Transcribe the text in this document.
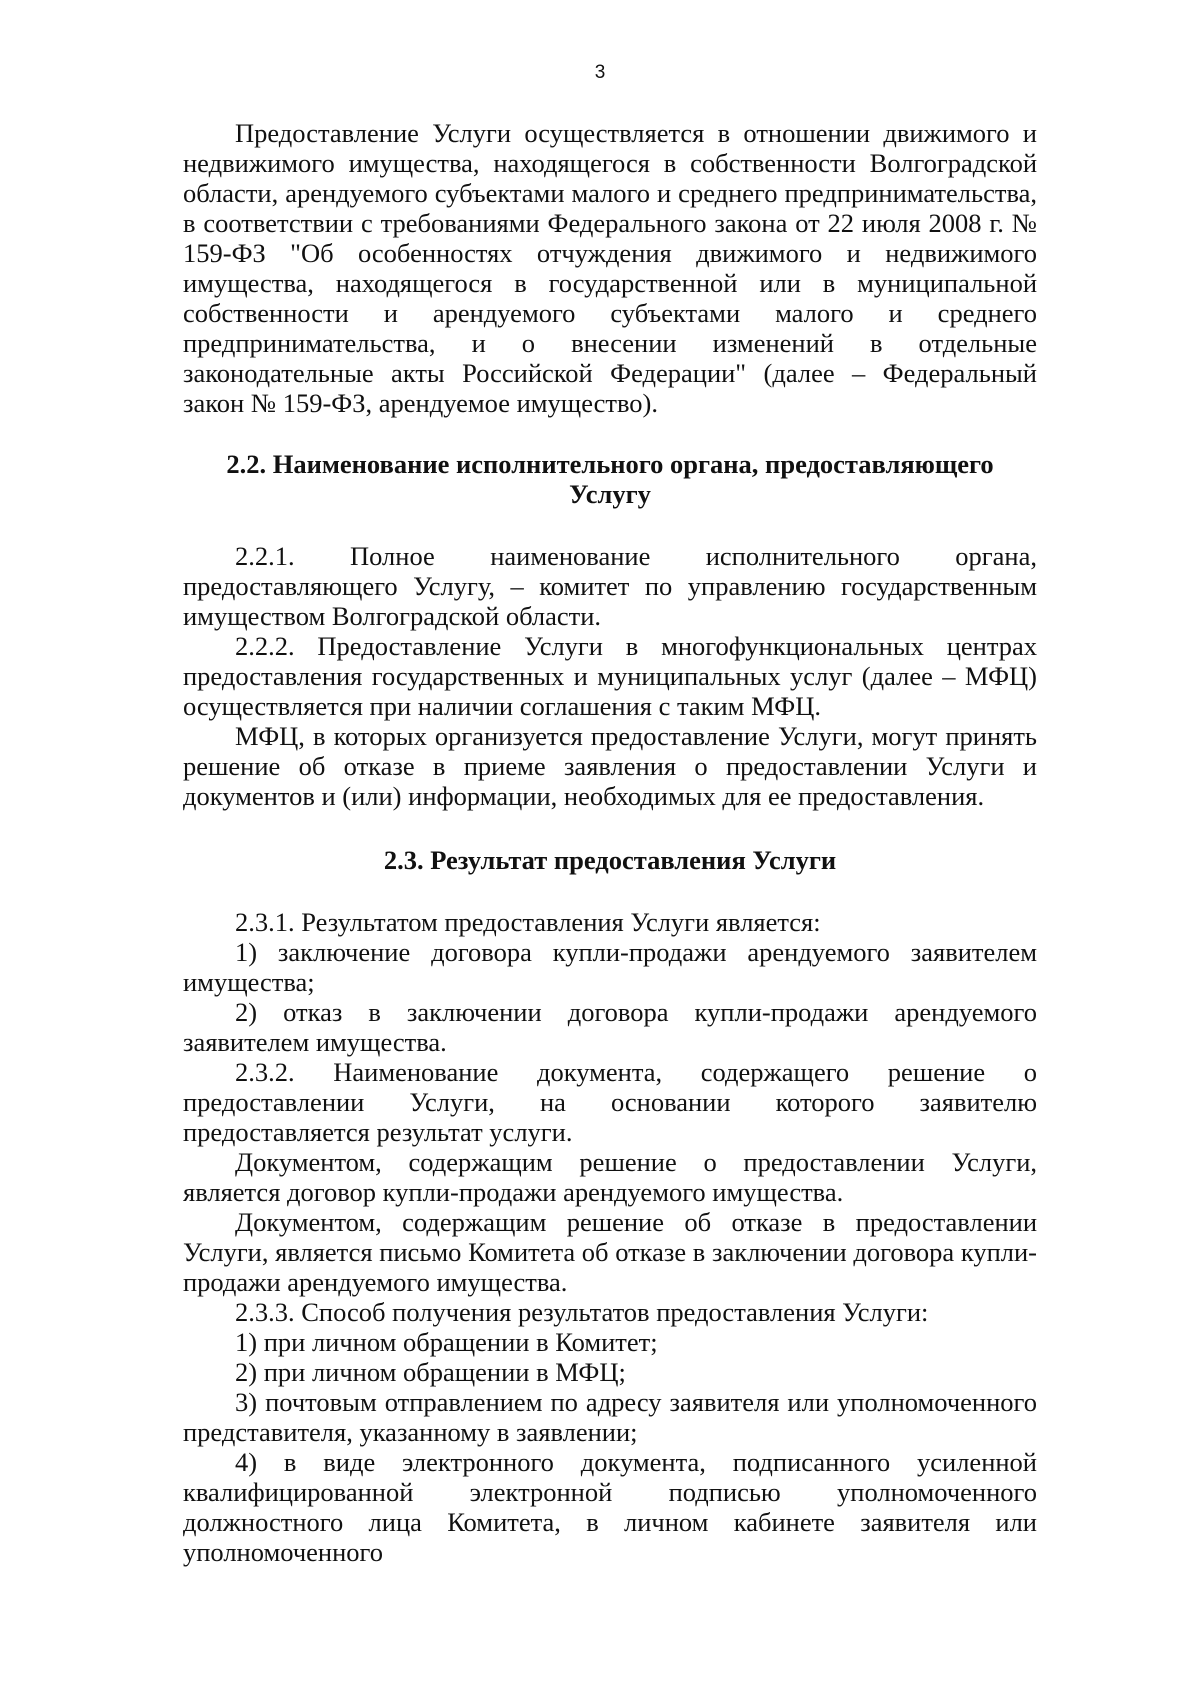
3

Предоставление Услуги осуществляется в отношении движимого и недвижимого имущества, находящегося в собственности Волгоградской области, арендуемого субъектами малого и среднего предпринимательства, в соответствии с требованиями Федерального закона от 22 июля 2008 г. № 159-ФЗ "Об особенностях отчуждения движимого и недвижимого имущества, находящегося в государственной или в муниципальной собственности и арендуемого субъектами малого и среднего предпринимательства, и о внесении изменений в отдельные законодательные акты Российской Федерации" (далее – Федеральный закон № 159-ФЗ, арендуемое имущество).

2.2. Наименование исполнительного органа, предоставляющего Услугу

2.2.1. Полное наименование исполнительного органа, предоставляющего Услугу, – комитет по управлению государственным имуществом Волгоградской области.

2.2.2. Предоставление Услуги в многофункциональных центрах предоставления государственных и муниципальных услуг (далее – МФЦ) осуществляется при наличии соглашения с таким МФЦ.

МФЦ, в которых организуется предоставление Услуги, могут принять решение об отказе в приеме заявления о предоставлении Услуги и документов и (или) информации, необходимых для ее предоставления.

2.3. Результат предоставления Услуги

2.3.1. Результатом предоставления Услуги является:

1) заключение договора купли-продажи арендуемого заявителем имущества;

2) отказ в заключении договора купли-продажи арендуемого заявителем имущества.

2.3.2. Наименование документа, содержащего решение о предоставлении Услуги, на основании которого заявителю предоставляется результат услуги.

Документом, содержащим решение о предоставлении Услуги, является договор купли-продажи арендуемого имущества.

Документом, содержащим решение об отказе в предоставлении Услуги, является письмо Комитета об отказе в заключении договора купли-продажи арендуемого имущества.

2.3.3. Способ получения результатов предоставления Услуги:

1) при личном обращении в Комитет;

2) при личном обращении в МФЦ;

3) почтовым отправлением по адресу заявителя или уполномоченного представителя, указанному в заявлении;

4) в виде электронного документа, подписанного усиленной квалифицированной электронной подписью уполномоченного должностного лица Комитета, в личном кабинете заявителя или уполномоченного
